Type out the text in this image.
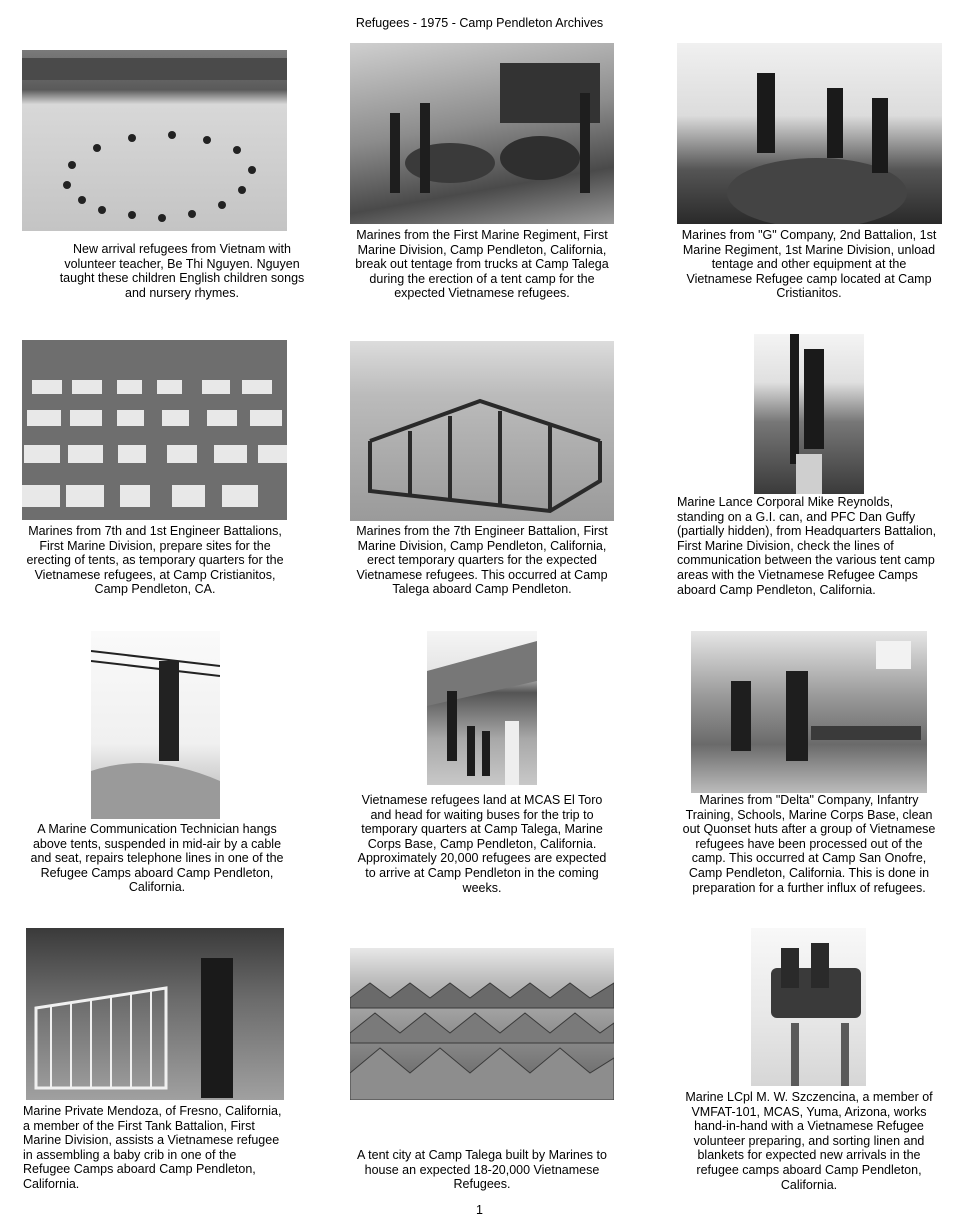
Refugees - 1975 - Camp Pendleton Archives
New arrival refugees from Vietnam with
volunteer teacher, Be Thi Nguyen. Nguyen
taught these children English children songs
and nursery rhymes.
Marines from the First Marine Regiment, First
Marine Division, Camp Pendleton, California,
break out tentage from trucks at Camp Talega
during the erection of a tent camp for the
expected Vietnamese refugees.
Marines from "G" Company, 2nd Battalion, 1st
Marine Regiment, 1st Marine Division, unload
tentage and other equipment at the
Vietnamese Refugee camp located at Camp
Cristianitos.
Marines from 7th and 1st Engineer Battalions,
First Marine Division, prepare sites for the
erecting of tents, as temporary quarters for the
Vietnamese refugees, at Camp Cristianitos,
Camp Pendleton, CA.
Marines from the 7th Engineer Battalion, First
Marine Division, Camp Pendleton, California,
erect temporary quarters for the expected
Vietnamese refugees. This occurred at Camp
Talega aboard Camp Pendleton.
Marine Lance Corporal Mike Reynolds,
standing on a G.I. can, and PFC Dan Guffy
(partially hidden), from Headquarters Battalion,
First Marine Division, check the lines of
communication between the various tent camp
areas with the Vietnamese Refugee Camps
aboard Camp Pendleton, California.
A Marine Communication Technician hangs
above tents, suspended in mid-air by a cable
and seat, repairs telephone lines in one of the
Refugee Camps aboard Camp Pendleton,
California.
Vietnamese refugees land at MCAS El Toro
and head for waiting buses for the trip to
temporary quarters at Camp Talega, Marine
Corps Base, Camp Pendleton, California.
Approximately 20,000 refugees are expected
to arrive at Camp Pendleton in the coming
weeks.
Marines from "Delta" Company, Infantry
Training, Schools, Marine Corps Base, clean
out Quonset huts after a group of Vietnamese
refugees have been processed out of the
camp. This occurred at Camp San Onofre,
Camp Pendleton, California. This is done in
preparation for a further influx of refugees.
Marine Private Mendoza, of Fresno, California,
a member of the First Tank Battalion, First
Marine Division, assists a Vietnamese refugee
in assembling a baby crib in one of the
Refugee Camps aboard Camp Pendleton,
California.
A tent city at Camp Talega built by Marines to
house an expected 18-20,000 Vietnamese
Refugees.
Marine LCpl M. W. Szczencina, a member of
VMFAT-101, MCAS, Yuma, Arizona, works
hand-in-hand with a Vietnamese Refugee
volunteer preparing, and sorting linen and
blankets for expected new arrivals in the
refugee camps aboard Camp Pendleton,
California.
1
